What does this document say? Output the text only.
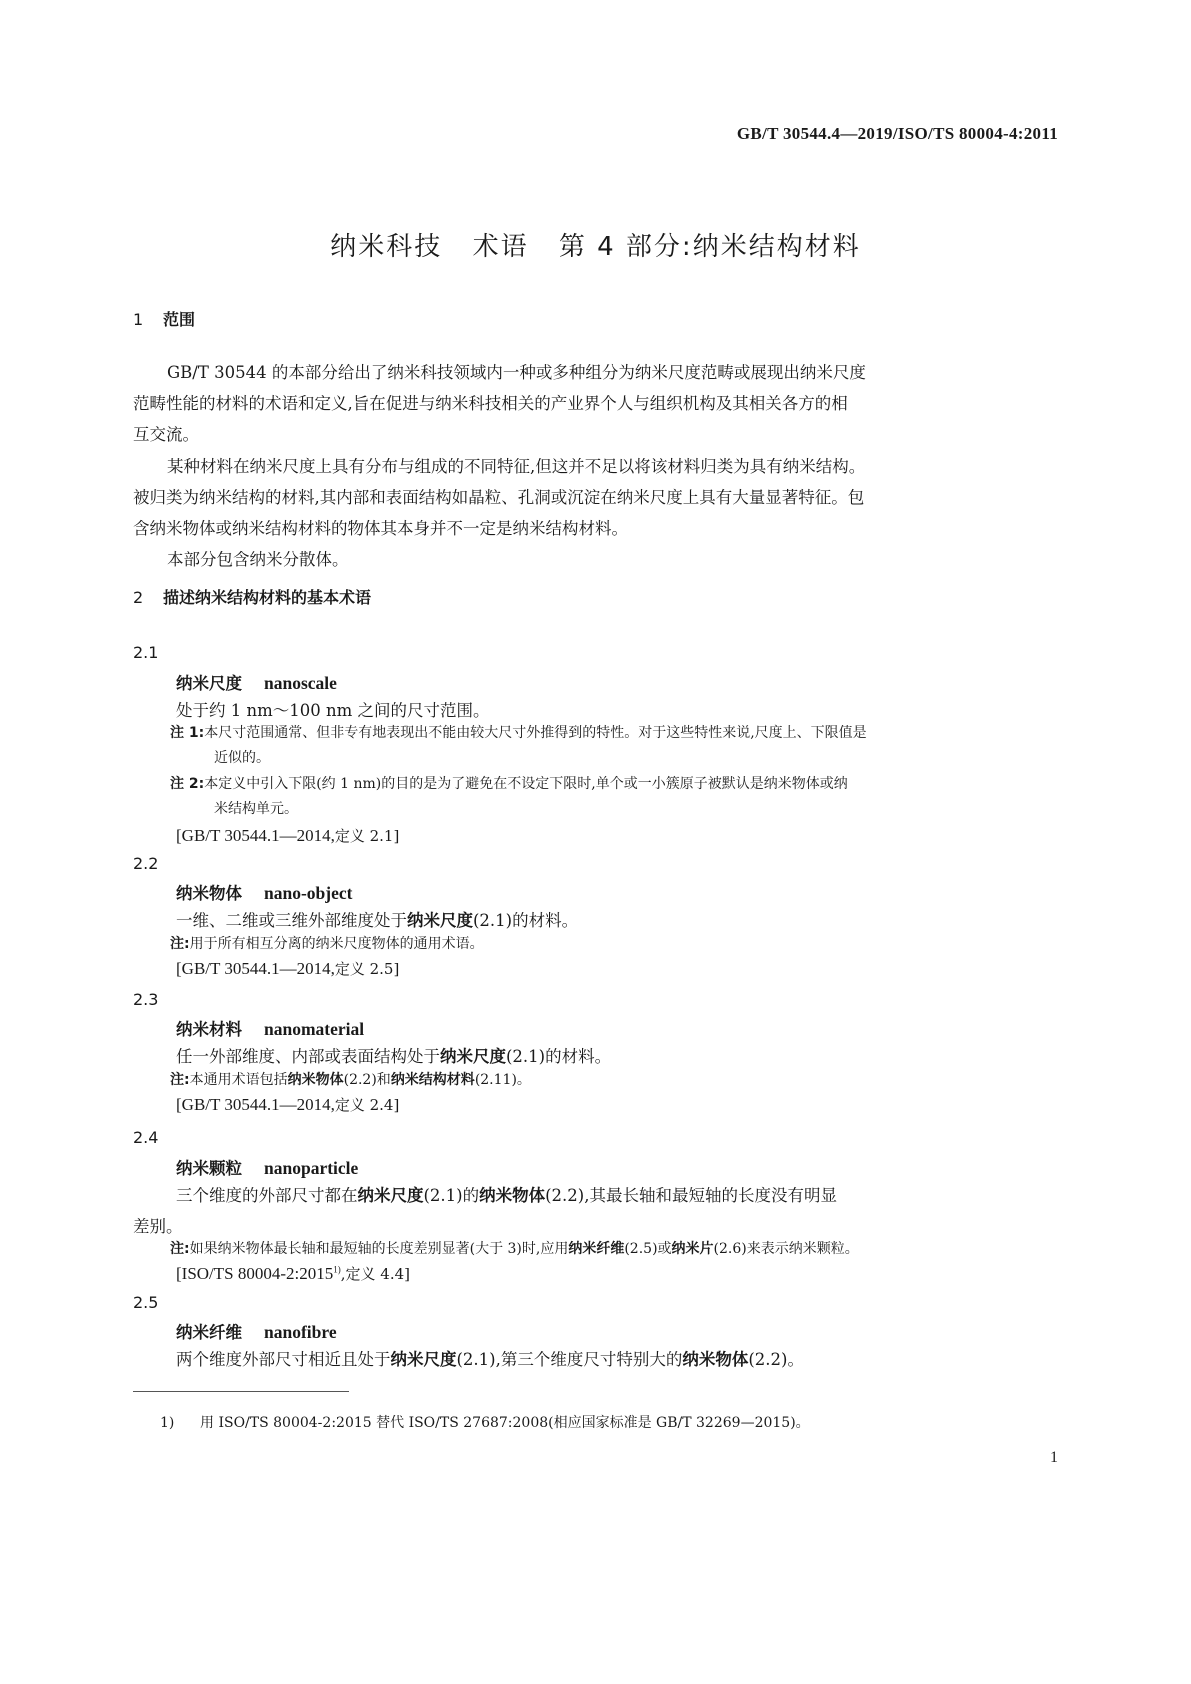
GB/T 30544.4—2019/ISO/TS 80004-4:2011
纳米科技 术语 第 4 部分:纳米结构材料
1 范围
GB/T 30544 的本部分给出了纳米科技领域内一种或多种组分为纳米尺度范畴或展现出纳米尺度
范畴性能的材料的术语和定义,旨在促进与纳米科技相关的产业界个人与组织机构及其相关各方的相
互交流。
某种材料在纳米尺度上具有分布与组成的不同特征,但这并不足以将该材料归类为具有纳米结构。
被归类为纳米结构的材料,其内部和表面结构如晶粒、孔洞或沉淀在纳米尺度上具有大量显著特征。包
含纳米物体或纳米结构材料的物体其本身并不一定是纳米结构材料。
本部分包含纳米分散体。
2 描述纳米结构材料的基本术语
2.1
纳米尺度 nanoscale
处于约 1 nm～100 nm 之间的尺寸范围。
注 1:本尺寸范围通常、但非专有地表现出不能由较大尺寸外推得到的特性。对于这些特性来说,尺度上、下限值是
近似的。
注 2:本定义中引入下限(约 1 nm)的目的是为了避免在不设定下限时,单个或一小簇原子被默认是纳米物体或纳
米结构单元。
[GB/T 30544.1—2014,定义 2.1]
2.2
纳米物体 nano-object
一维、二维或三维外部维度处于纳米尺度(2.1)的材料。
注:用于所有相互分离的纳米尺度物体的通用术语。
[GB/T 30544.1—2014,定义 2.5]
2.3
纳米材料 nanomaterial
任一外部维度、内部或表面结构处于纳米尺度(2.1)的材料。
注:本通用术语包括纳米物体(2.2)和纳米结构材料(2.11)。
[GB/T 30544.1—2014,定义 2.4]
2.4
纳米颗粒 nanoparticle
三个维度的外部尺寸都在纳米尺度(2.1)的纳米物体(2.2),其最长轴和最短轴的长度没有明显
差别。
注:如果纳米物体最长轴和最短轴的长度差别显著(大于 3)时,应用纳米纤维(2.5)或纳米片(2.6)来表示纳米颗粒。
[ISO/TS 80004-2:2015$^{1)}$,定义 4.4]
2.5
纳米纤维 nanofibre
两个维度外部尺寸相近且处于纳米尺度(2.1),第三个维度尺寸特别大的纳米物体(2.2)。
1) 用 ISO/TS 80004-2:2015 替代 ISO/TS 27687:2008(相应国家标准是 GB/T 32269—2015)。
1
